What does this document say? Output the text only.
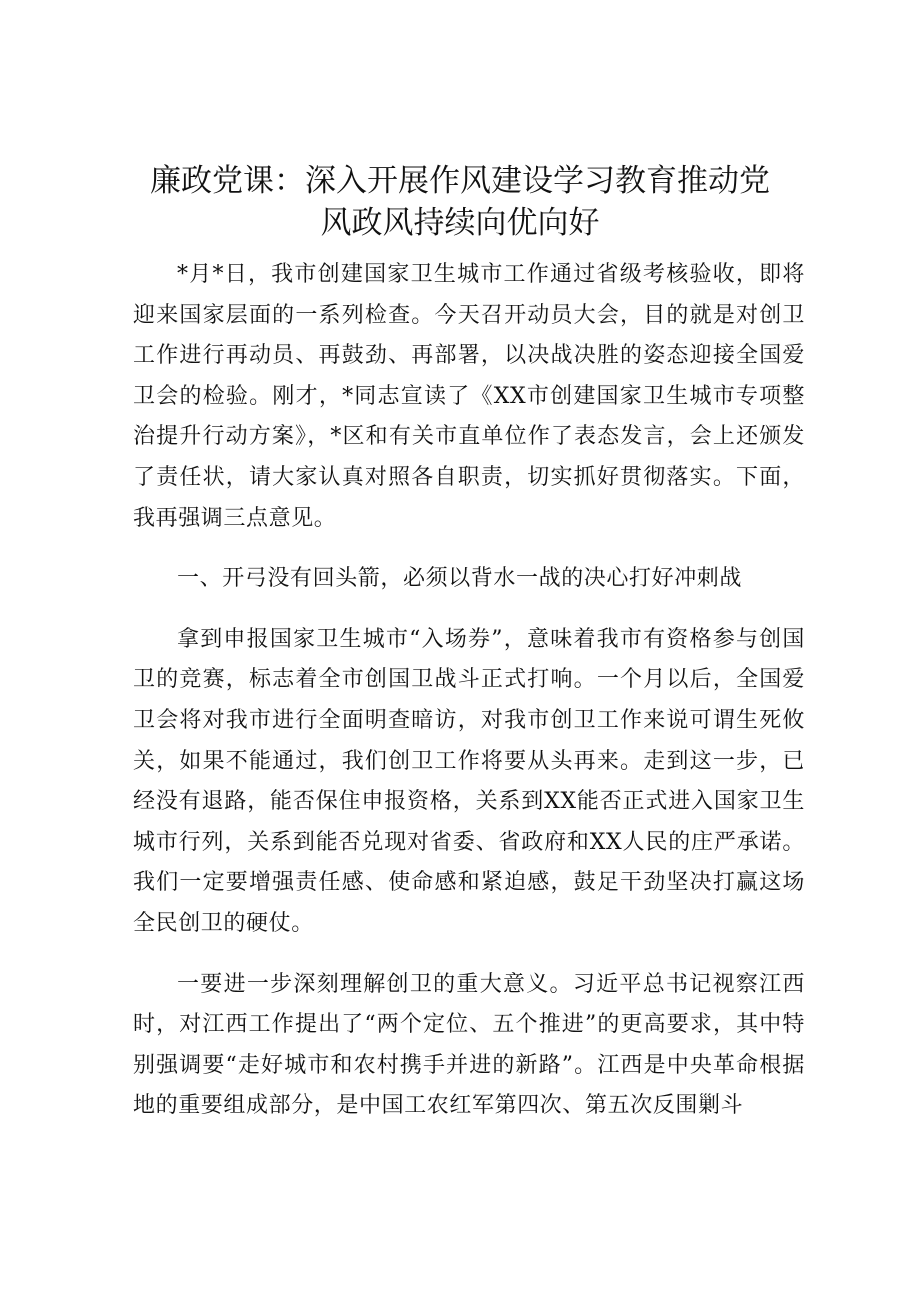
廉政党课：深入开展作风建设学习教育推动党
风政风持续向优向好

*月*日，我市创建国家卫生城市工作通过省级考核验收，即将迎来国家层面的一系列检查。今天召开动员大会，目的就是对创卫工作进行再动员、再鼓劲、再部署，以决战决胜的姿态迎接全国爱卫会的检验。刚才，*同志宣读了《XX市创建国家卫生城市专项整治提升行动方案》，*区和有关市直单位作了表态发言，会上还颁发了责任状，请大家认真对照各自职责，切实抓好贯彻落实。下面，我再强调三点意见。

一、开弓没有回头箭，必须以背水一战的决心打好冲刺战

拿到申报国家卫生城市“入场券”，意味着我市有资格参与创国卫的竞赛，标志着全市创国卫战斗正式打响。一个月以后，全国爱卫会将对我市进行全面明查暗访，对我市创卫工作来说可谓生死攸关，如果不能通过，我们创卫工作将要从头再来。走到这一步，已经没有退路，能否保住申报资格，关系到XX能否正式进入国家卫生城市行列，关系到能否兑现对省委、省政府和XX人民的庄严承诺。我们一定要增强责任感、使命感和紧迫感，鼓足干劲坚决打赢这场全民创卫的硬仗。

一要进一步深刻理解创卫的重大意义。习近平总书记视察江西时，对江西工作提出了“两个定位、五个推进”的更高要求，其中特别强调要“走好城市和农村携手并进的新路”。江西是中央革命根据地的重要组成部分，是中国工农红军第四次、第五次反围剿斗
